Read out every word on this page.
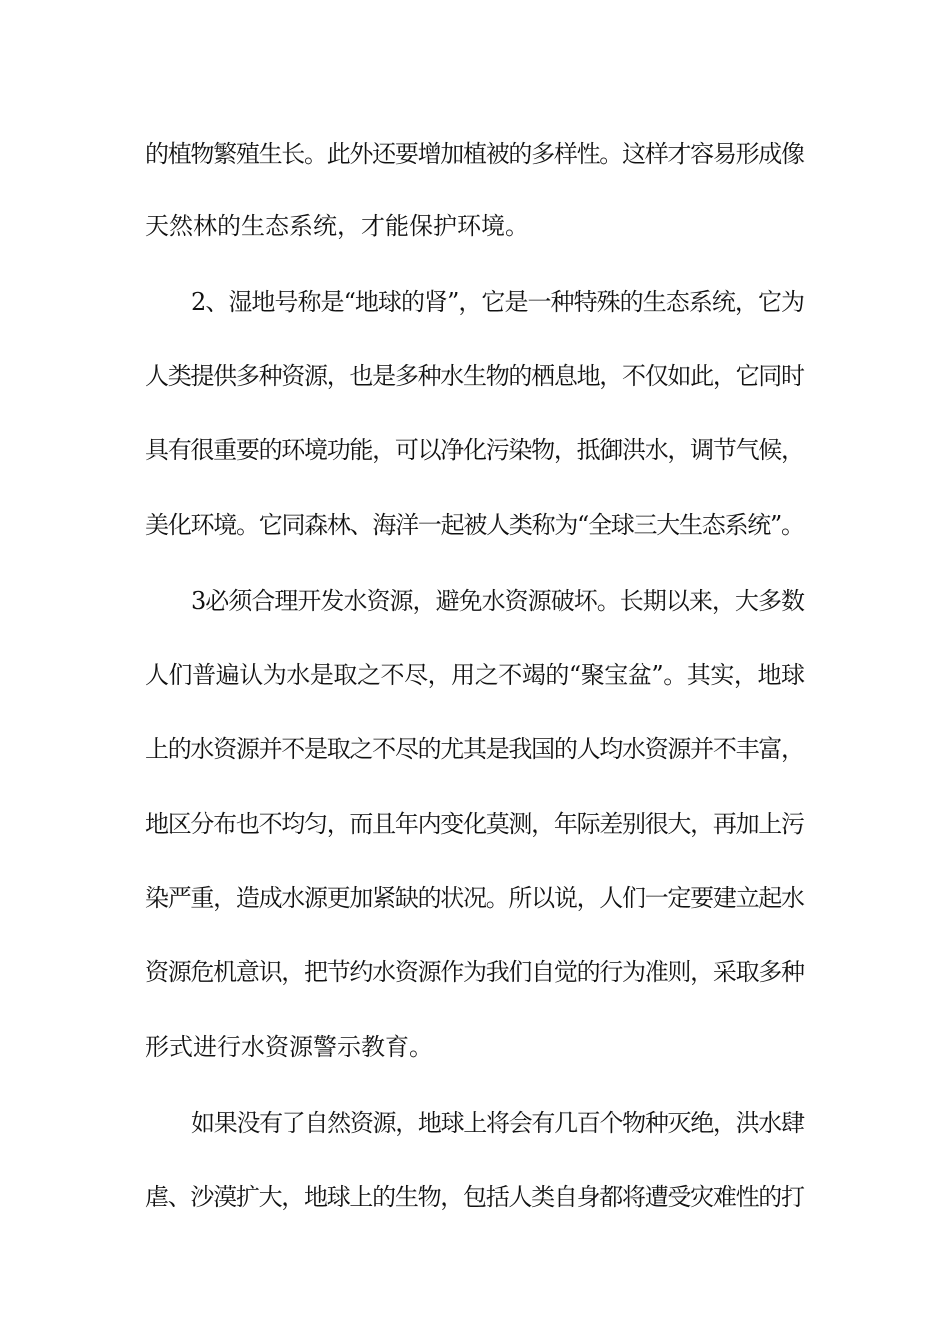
的植物繁殖生长。此外还要增加植被的多样性。这样才容易形成像
天然林的生态系统，才能保护环境。
2、湿地号称是“地球的肾”，它是一种特殊的生态系统，它为
人类提供多种资源，也是多种水生物的栖息地，不仅如此，它同时
具有很重要的环境功能，可以净化污染物，抵御洪水，调节气候，
美化环境。它同森林、海洋一起被人类称为“全球三大生态系统”。
3必须合理开发水资源，避免水资源破坏。长期以来，大多数
人们普遍认为水是取之不尽，用之不竭的“聚宝盆”。其实，地球
上的水资源并不是取之不尽的尤其是我国的人均水资源并不丰富，
地区分布也不均匀，而且年内变化莫测，年际差别很大，再加上污
染严重，造成水源更加紧缺的状况。所以说，人们一定要建立起水
资源危机意识，把节约水资源作为我们自觉的行为准则，采取多种
形式进行水资源警示教育。
如果没有了自然资源，地球上将会有几百个物种灭绝，洪水肆
虐、沙漠扩大，地球上的生物，包括人类自身都将遭受灾难性的打
